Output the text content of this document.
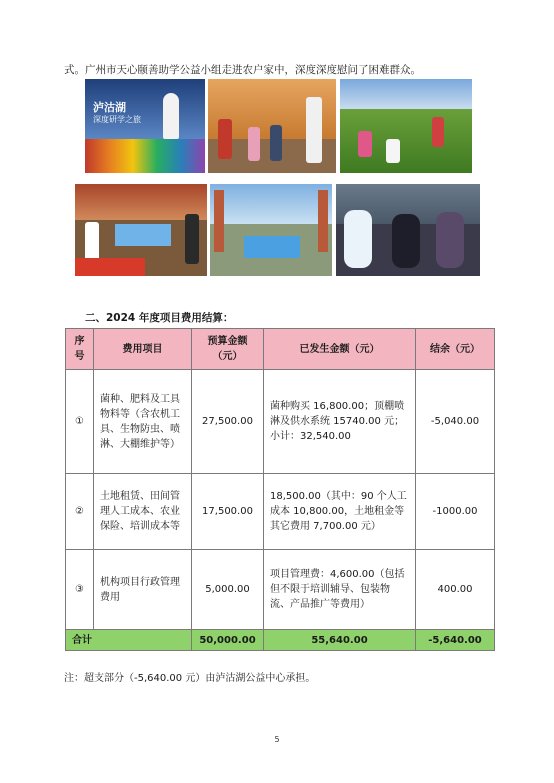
式。广州市天心颐善助学公益小组走进农户家中，深度深度慰问了困难群众。
泸沽湖
深度研学之旅
二、2024 年度项目费用结算：
序号	费用项目	预算金额（元）	已发生金额（元）	结余（元）
①	菌种、肥料及工具物料等（含农机工具、生物防虫、喷淋、大棚维护等）	27,500.00	菌种购买 16,800.00；顶棚喷淋及供水系统 15740.00 元；小计：32,540.00	-5,040.00
②	土地租赁、田间管理人工成本、农业保险、培训成本等	17,500.00	18,500.00（其中：90 个人工成本 10,800.00，土地租金等其它费用 7,700.00 元）	-1000.00
③	机构项目行政管理费用	5,000.00	项目管理费：4,600.00（包括但不限于培训辅导、包装物流、产品推广等费用）	400.00
合计		50,000.00	55,640.00	-5,640.00
注：超支部分（-5,640.00 元）由泸沽湖公益中心承担。
5
